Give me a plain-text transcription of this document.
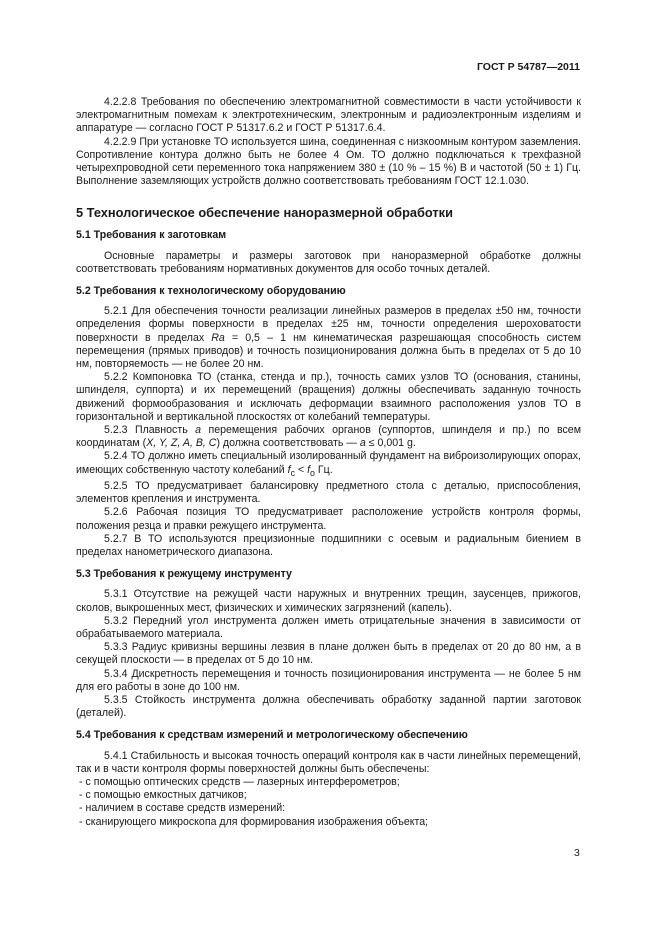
ГОСТ Р 54787—2011

4.2.2.8 Требования по обеспечению электромагнитной совместимости в части устойчивости к электромагнитным помехам к электротехническим, электронным и радиоэлектронным изделиям и аппаратуре — согласно ГОСТ Р 51317.6.2 и ГОСТ Р 51317.6.4.

4.2.2.9 При установке ТО используется шина, соединенная с низкоомным контуром заземления. Сопротивление контура должно быть не более 4 Ом. ТО должно подключаться к трехфазной четырехпроводной сети переменного тока напряжением 380 ± (10 % – 15 %) В и частотой (50 ± 1) Гц. Выполнение заземляющих устройств должно соответствовать требованиям ГОСТ 12.1.030.

5 Технологическое обеспечение наноразмерной обработки
5.1 Требования к заготовкам

Основные параметры и размеры заготовок при наноразмерной обработке должны соответствовать требованиям нормативных документов для особо точных деталей.

5.2 Требования к технологическому оборудованию

5.2.1 Для обеспечения точности реализации линейных размеров в пределах ±50 нм, точности определения формы поверхности в пределах ±25 нм, точности определения шероховатости поверхности в пределах Ra = 0,5 – 1 нм кинематическая разрешающая способность систем перемещения (прямых приводов) и точность позиционирования должна быть в пределах от 5 до 10 нм, повторяемость — не более 20 нм.

5.2.2 Компоновка ТО (станка, стенда и пр.), точность самих узлов ТО (основания, станины, шпинделя, суппорта) и их перемещений (вращения) должны обеспечивать заданную точность движений формообразования и исключать деформации взаимного расположения узлов ТО в горизонтальной и вертикальной плоскостях от колебаний температуры.

5.2.3 Плавность a перемещения рабочих органов (суппортов, шпинделя и пр.) по всем координатам (X, Y, Z, A, B, C) должна соответствовать — a ≤ 0,001 g.

5.2.4 ТО должно иметь специальный изолированный фундамент на виброизолирующих опорах, имеющих собственную частоту колебаний $f_c < f_o$ Гц.

5.2.5 ТО предусматривает балансировку предметного стола с деталью, приспособления, элементов крепления и инструмента.

5.2.6 Рабочая позиция ТО предусматривает расположение устройств контроля формы, положения резца и правки режущего инструмента.

5.2.7 В ТО используются прецизионные подшипники с осевым и радиальным биением в пределах нанометрического диапазона.

5.3 Требования к режущему инструменту

5.3.1 Отсутствие на режущей части наружных и внутренних трещин, заусенцев, прижогов, сколов, выкрошенных мест, физических и химических загрязнений (капель).

5.3.2 Передний угол инструмента должен иметь отрицательные значения в зависимости от обрабатываемого материала.

5.3.3 Радиус кривизны вершины лезвия в плане должен быть в пределах от 20 до 80 нм, а в секущей плоскости — в пределах от 5 до 10 нм.

5.3.4 Дискретность перемещения и точность позиционирования инструмента — не более 5 нм для его работы в зоне до 100 нм.

5.3.5 Стойкость инструмента должна обеспечивать обработку заданной партии заготовок (деталей).

5.4 Требования к средствам измерений и метрологическому обеспечению

5.4.1 Стабильность и высокая точность операций контроля как в части линейных перемещений, так и в части контроля формы поверхностей должны быть обеспечены:

- с помощью оптических средств — лазерных интерферометров;
- с помощью емкостных датчиков;
- наличием в составе средств измерений:
- сканирующего микроскопа для формирования изображения объекта;
3
